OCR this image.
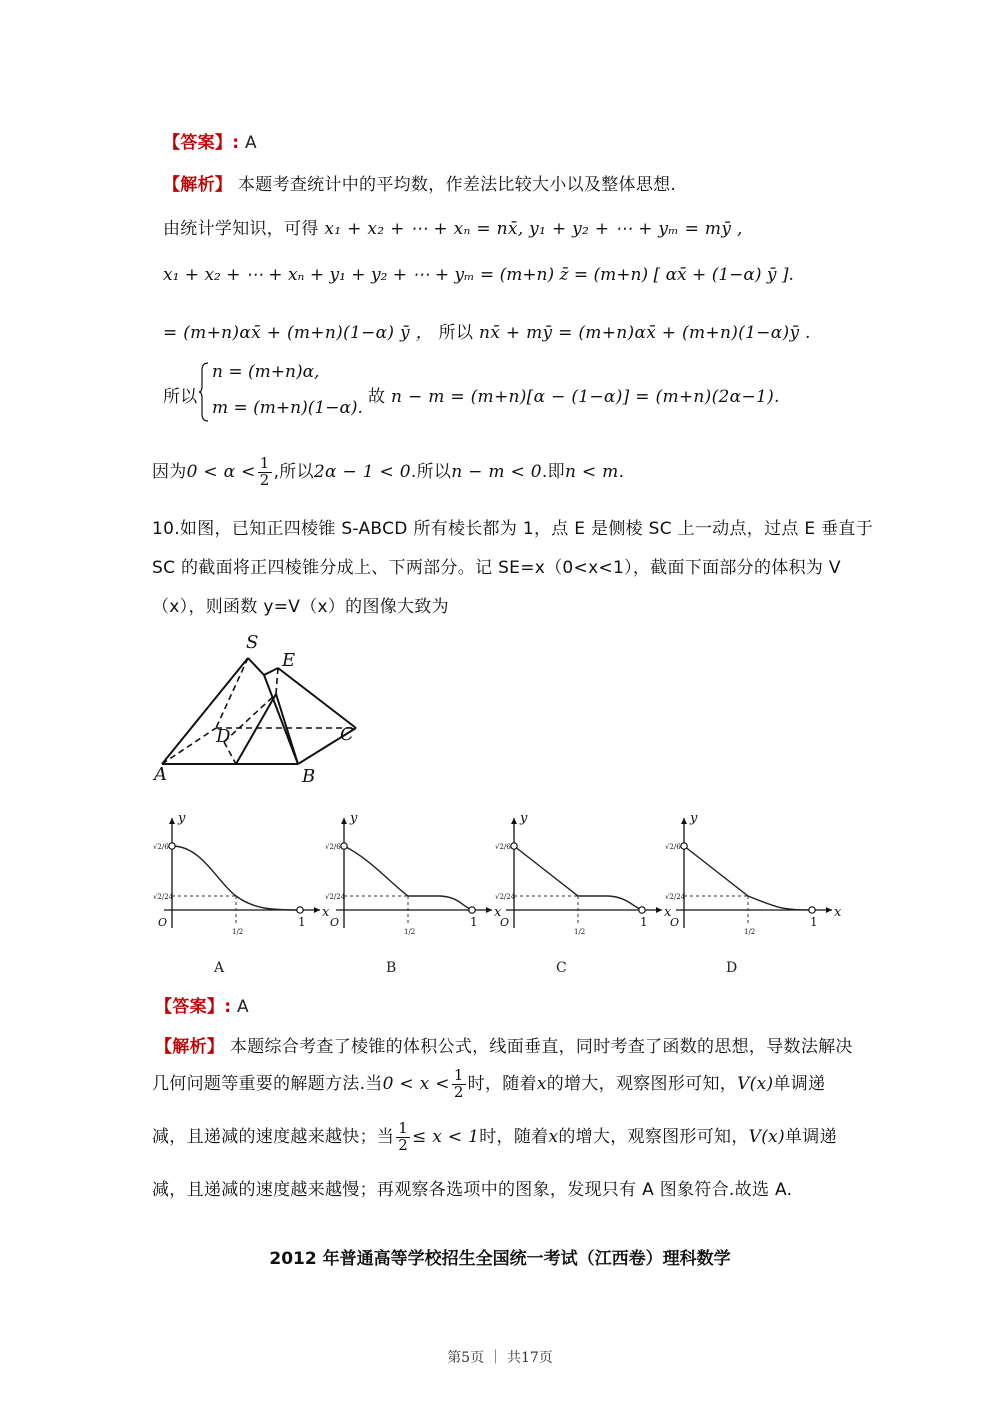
【答案】: A
【解析】 本题考查统计中的平均数，作差法比较大小以及整体思想.
由统计学知识，可得 x₁ + x₂ + ⋯ + xₙ = nx̄, y₁ + y₂ + ⋯ + yₘ = mȳ ,
x₁ + x₂ + ⋯ + xₙ + y₁ + y₂ + ⋯ + yₘ = (m+n) z̄ = (m+n) [ αx̄ + (1−α) ȳ ].
= (m+n)αx̄ + (m+n)(1−α) ȳ ， 所以 nx̄ + mȳ = (m+n)αx̄ + (m+n)(1−α)ȳ .
所以
n = (m+n)α,
m = (m+n)(1−α).
故 n − m = (m+n)[α − (1−α)] = (m+n)(2α−1).
因为$0 < \alpha < \frac{1}{2}$ ,所以2α − 1 < 0.所以n − m < 0.即n < m.
10.如图，已知正四棱锥 S-ABCD 所有棱长都为 1，点 E 是侧棱 SC 上一动点，过点 E 垂直于
SC 的截面将正四棱锥分成上、下两部分。记 SE=x（0<x<1），截面下面部分的体积为 V
（x），则函数 y=V（x）的图像大致为
S
E
D	C
A	B
y
x
O
√2/6
√2/24
1/2
1
A
y
x
O
√2/6
√2/24
1/2
1
B
y
x
O
√2/6
√2/24
1/2
1
C
y
x
O
√2/6
√2/24
1/2
1
D
【答案】: A
【解析】 本题综合考查了棱锥的体积公式，线面垂直，同时考查了函数的思想，导数法解决
几何问题等重要的解题方法.当$0 < x < \frac{1}{2}$ 时，随着x的增大，观察图形可知，V(x)单调递
减，且递减的速度越来越快；当 $\frac{1}{2} \le x < 1$时，随着x的增大，观察图形可知，V(x)单调递
减，且递减的速度越来越慢；再观察各选项中的图象，发现只有 A 图象符合.故选 A.
2012 年普通高等学校招生全国统一考试（江西卷）理科数学
第5页 ｜ 共17页
